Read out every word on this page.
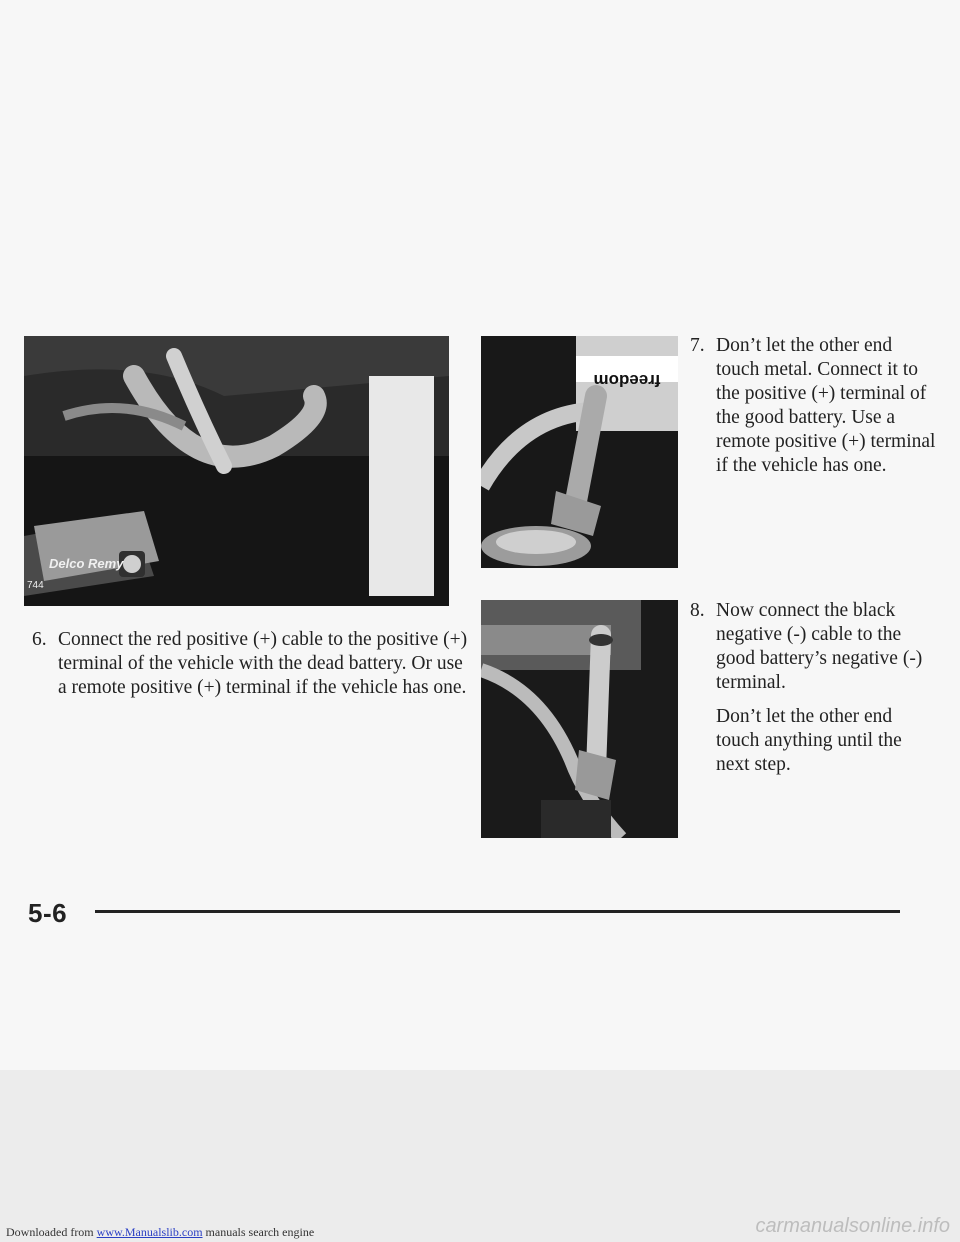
Delco Remy
744
freedom
7. Don’t let the other end touch metal. Connect it to the positive (+) terminal of the good battery. Use a remote positive (+) terminal if the vehicle has one.

8. Now connect the black negative (-) cable to the good battery’s negative (-) terminal.

Don’t let the other end touch anything until the next step.

6. Connect the red positive (+) cable to the positive (+) terminal of the vehicle with the dead battery. Or use a remote positive (+) terminal if the vehicle has one.

5-6
Downloaded from www.Manualslib.com manuals search engine	carmanualsonline.info
